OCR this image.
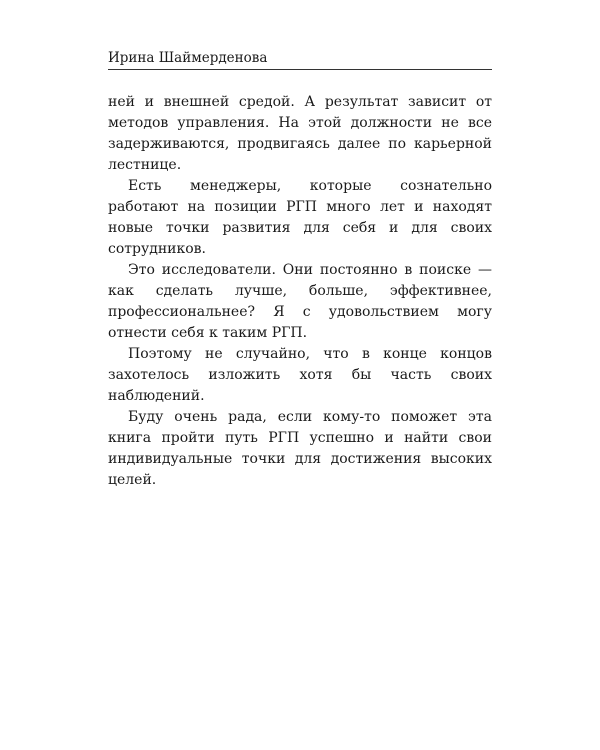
Ирина Шаймерденова

ней и внешней средой. А результат зависит от методов управления. На этой должности не все задерживаются, продвигаясь далее по карьерной лестнице.

Есть менеджеры, которые сознательно работают на позиции РГП много лет и находят новые точки развития для себя и для своих сотрудников.

Это исследователи. Они постоянно в поиске — как сделать лучше, больше, эффективнее, профессиональнее? Я с удовольствием могу отнести себя к таким РГП.

Поэтому не случайно, что в конце концов захотелось изложить хотя бы часть своих наблюдений.

Буду очень рада, если кому-то поможет эта книга пройти путь РГП успешно и найти свои индивидуальные точки для достижения высоких целей.
